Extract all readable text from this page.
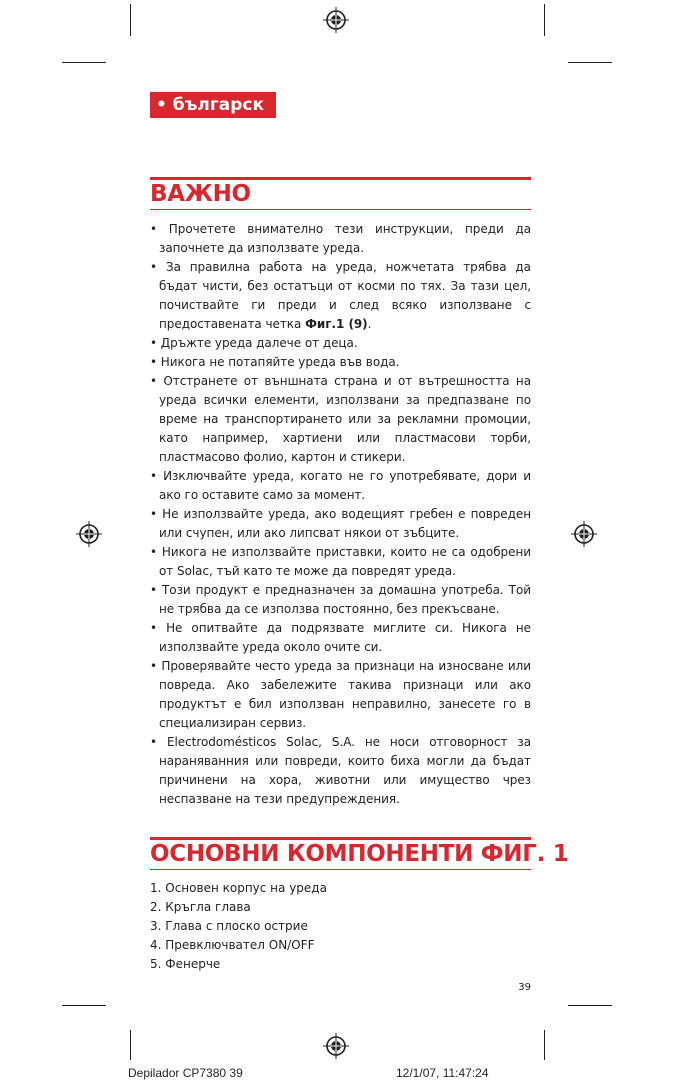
• българск
ВАЖНО
• Прочетете внимателно тези инструкции, преди да започнете да използвате уреда.
• За правилна работа на уреда, ножчетата трябва да бъдат чисти, без остатъци от косми по тях. За тази цел, почиствайте ги преди и след всяко използване с предоставената четка Фиг.1 (9).
• Дръжте уреда далече от деца.
• Никога не потапяйте уреда във вода.
• Отстранете от външната страна и от вътрешността на уреда всички елементи, използвани за предпазване по време на транспортирането или за рекламни промоции, като например, хартиени или пластмасови торби, пластмасово фолио, картон и стикери.
• Изключвайте уреда, когато не го употребявате, дори и ако го оставите само за момент.
• Не използвайте уреда, ако водещият гребен е повреден или счупен, или ако липсват някои от зъбците.
• Никога не използвайте приставки, които не са одобрени от Solac, тъй като те може да повредят уреда.
• Този продукт е предназначен за домашна употреба. Той не трябва да се използва постоянно, без прекъсване.
• Не опитвайте да подрязвате миглите си. Никога не използвайте уреда около очите си.
• Проверявайте често уреда за признаци на износване или повреда. Ако забележите такива признаци или ако продуктът е бил използван неправилно, занесете го в специализиран сервиз.
• Electrodomésticos Solac, S.A. не носи отговорност за нараняванния или повреди, които биха могли да бъдат причинени на хора, животни или имущество чрез неспазване на тези предупреждения.
ОСНОВНИ КОМПОНЕНТИ ФИГ. 1
1. Основен корпус на уреда
2. Кръгла глава
3. Глава с плоско острие
4. Превключвател ON/OFF
5. Фенерче
39
Depilador CP7380 39	12/1/07, 11:47:24
